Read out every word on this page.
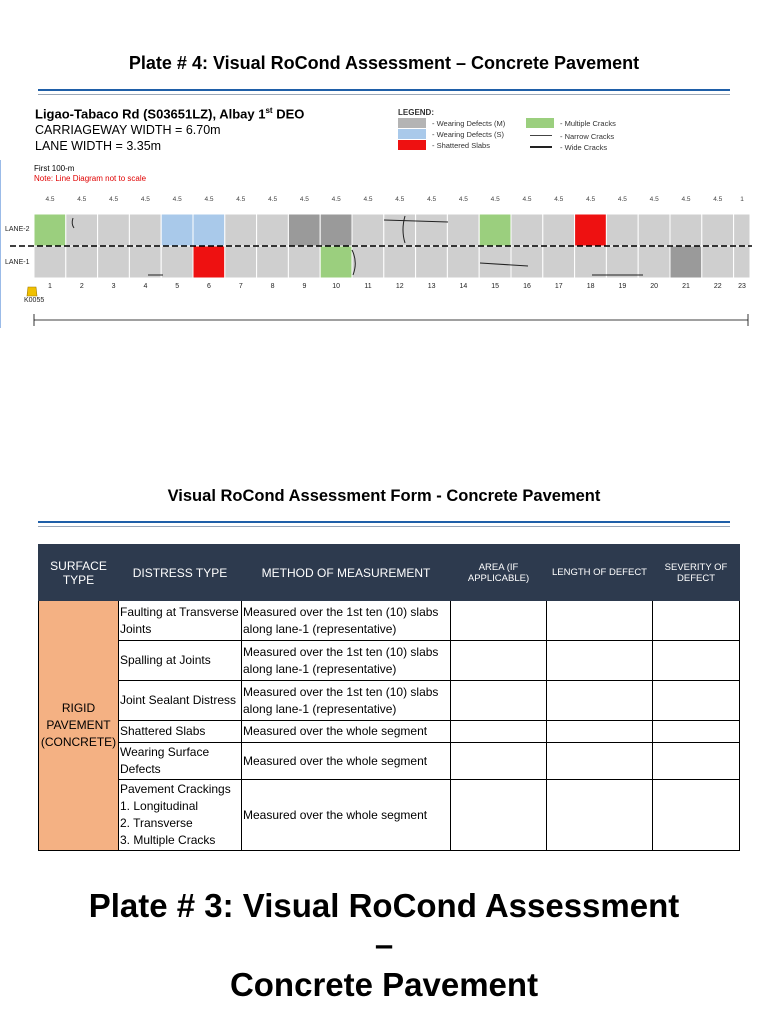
Plate # 4: Visual RoCond Assessment – Concrete Pavement
Ligao-Tabaco Rd (S03651LZ), Albay 1st DEO
CARRIAGEWAY WIDTH = 6.70m
LANE WIDTH = 3.35m
LEGEND:
- Wearing Defects (M)
- Wearing Defects (S)
- Shattered Slabs
- Multiple Cracks
- Narrow Cracks
- Wide Cracks
First 100-m
Note: Line Diagram not to scale
4.5	4.5	4.5	4.5	4.5	4.5	4.5	4.5	4.5	4.5	4.5	4.5	4.5	4.5	4.5	4.5	4.5	4.5	4.5	4.5	4.5	4.5	1
LANE-2
LANE-1
1	2	3	4	5	6	7	8	9	10	11	12	13	14	15	16	17	18	19	20	21	22	23
K0055
Visual RoCond Assessment Form - Concrete Pavement
SURFACE TYPE	DISTRESS TYPE	METHOD OF MEASUREMENT	AREA (IF APPLICABLE)	LENGTH OF DEFECT	SEVERITY OF DEFECT
RIGID PAVEMENT (CONCRETE)	Faulting at Transverse Joints	Measured over the 1st ten (10) slabs along lane-1 (representative)			
	Spalling at Joints	Measured over the 1st ten (10) slabs along lane-1 (representative)			
	Joint Sealant Distress	Measured over the 1st ten (10) slabs along lane-1 (representative)			
	Shattered Slabs	Measured over the whole segment			
	Wearing Surface Defects	Measured over the whole segment			

	Pavement Crackings
1. Longitudinal
2. Transverse
3. Multiple Cracks	Measured over the whole segment			
Plate # 3: Visual RoCond Assessment
–
Concrete Pavement
